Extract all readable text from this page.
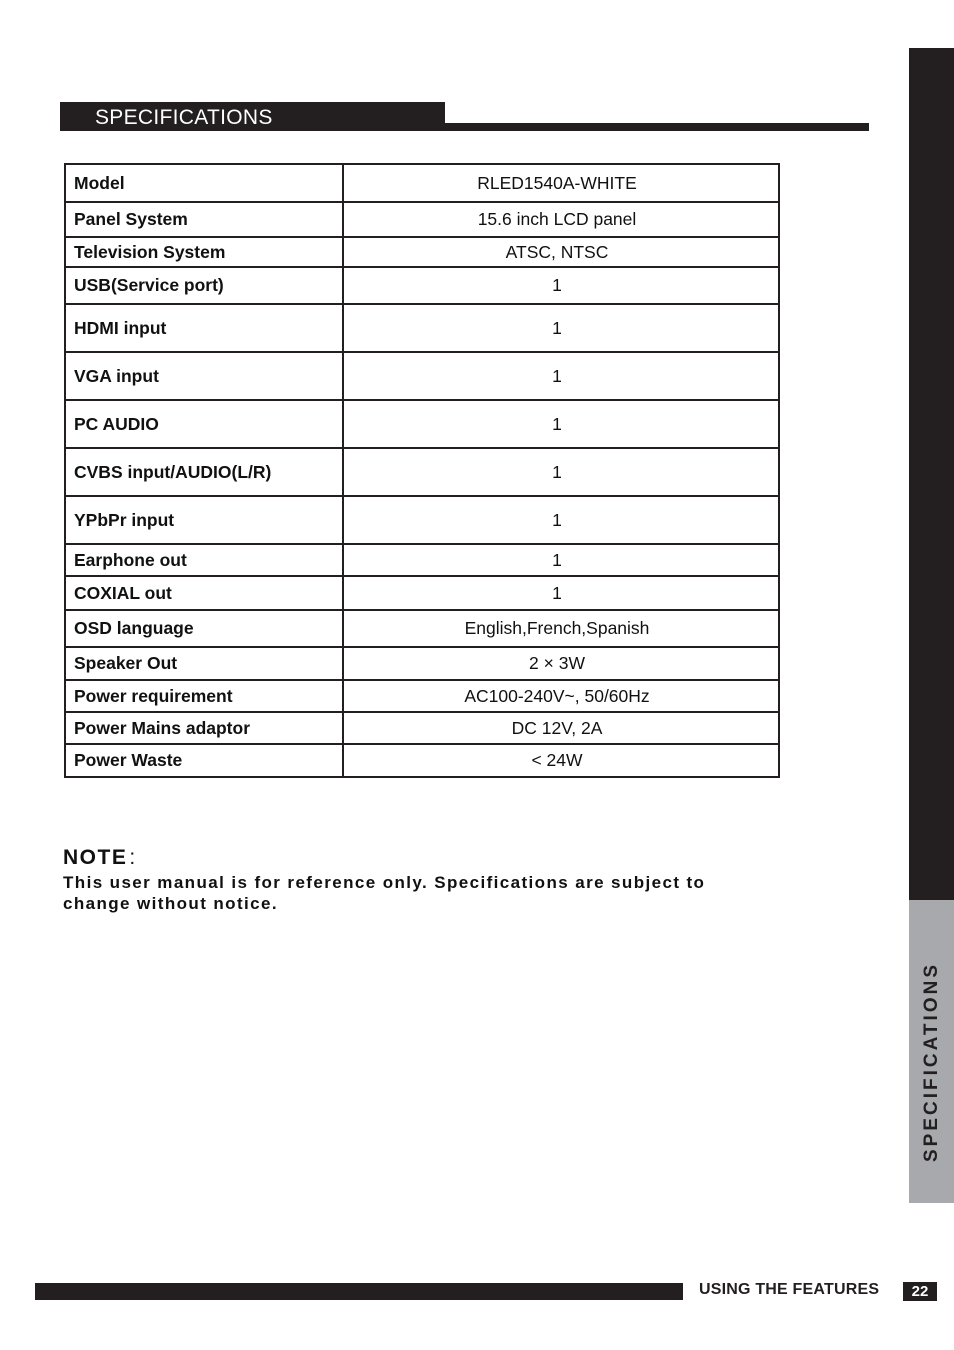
SPECIFICATIONS
SPECIFICATIONS
Model	RLED1540A-WHITE
Panel System	15.6 inch LCD panel
Television System	ATSC, NTSC
USB(Service port)	1
HDMI input	1
VGA input	1
PC AUDIO	1
CVBS input/AUDIO(L/R)	1
YPbPr input	1
Earphone out	1
COXIAL out	1
OSD language	English,French,Spanish
Speaker Out	2 × 3W
Power requirement	AC100-240V~, 50/60Hz
Power Mains adaptor	DC 12V, 2A
Power Waste	< 24W
NOTE:
This user manual is for reference only. Specifications are subject to change without notice.
USING THE FEATURES	22
